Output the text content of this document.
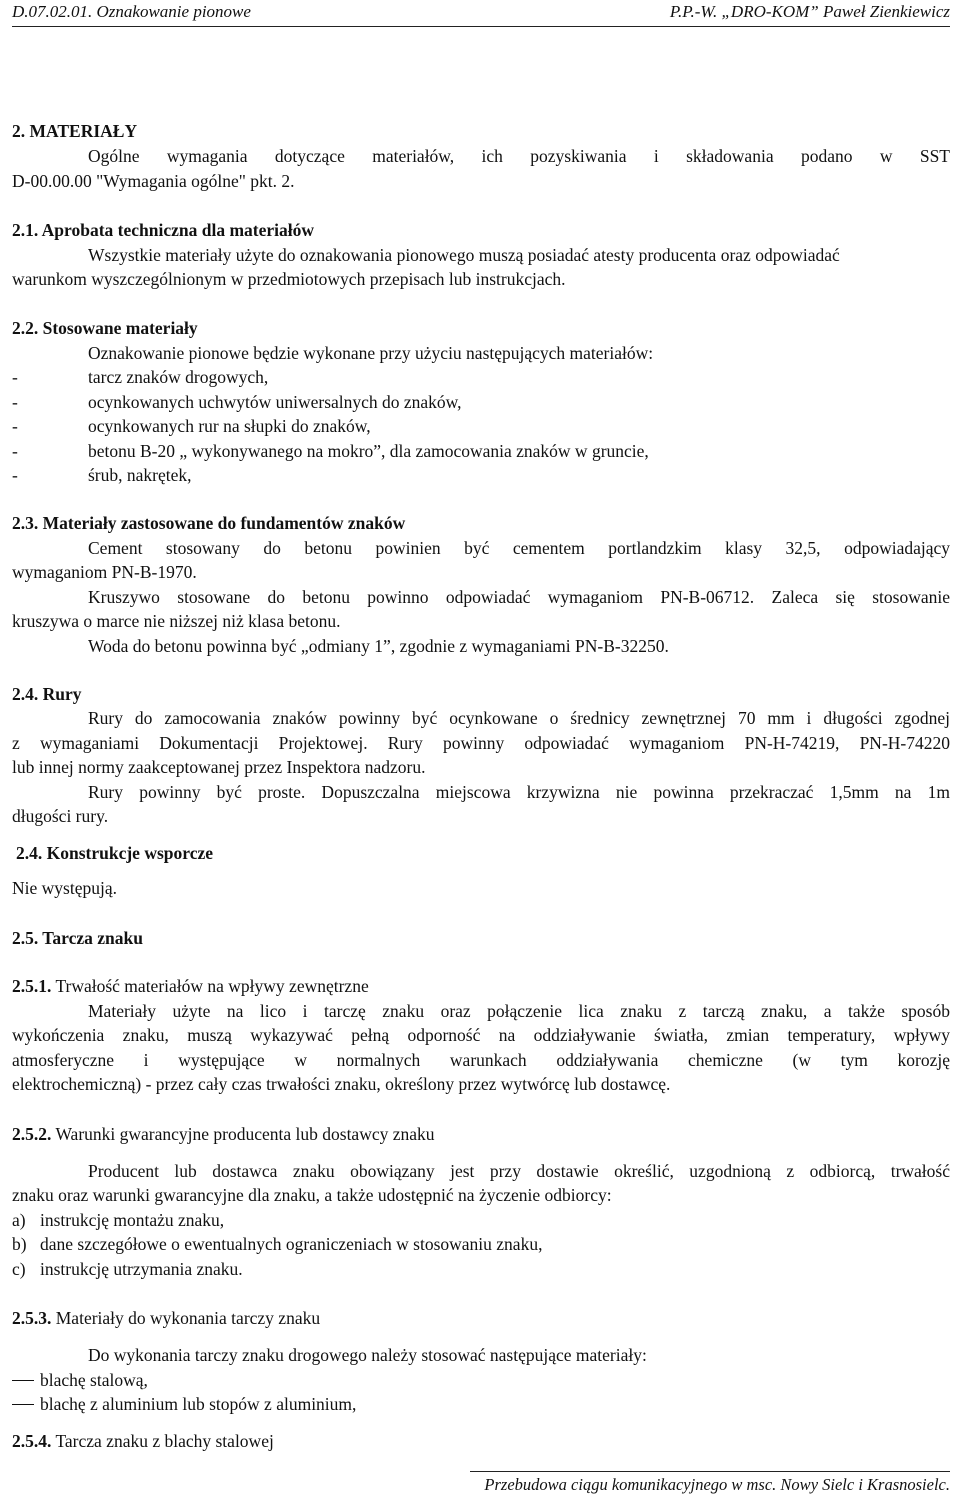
D.07.02.01. Oznakowanie pionowe	P.P.-W. „DRO-KOM” Paweł Zienkiewicz
2. MATERIAŁY
Ogólne wymagania dotyczące materiałów, ich pozyskiwania i składowania podano w SST
D-00.00.00 "Wymagania ogólne" pkt. 2.
2.1. Aprobata techniczna dla materiałów
Wszystkie materiały użyte do oznakowania pionowego muszą posiadać atesty producenta oraz odpowiadać
warunkom wyszczególnionym w przedmiotowych przepisach lub instrukcjach.
2.2. Stosowane materiały
Oznakowanie pionowe będzie wykonane przy użyciu następujących materiałów:
-	tarcz znaków drogowych,
-	ocynkowanych uchwytów uniwersalnych do znaków,
-	ocynkowanych rur na słupki do znaków,
-	betonu B-20 „ wykonywanego na mokro”, dla zamocowania znaków w gruncie,
-	śrub, nakrętek,
2.3. Materiały zastosowane do fundamentów znaków
Cement stosowany do betonu powinien być cementem portlandzkim klasy 32,5, odpowiadający
wymaganiom PN-B-1970.
Kruszywo stosowane do betonu powinno odpowiadać wymaganiom PN-B-06712. Zaleca się stosowanie
kruszywa o marce nie niższej niż klasa betonu.
Woda do betonu powinna być „odmiany 1”, zgodnie z wymaganiami PN-B-32250.
2.4. Rury
Rury do zamocowania znaków powinny być ocynkowane o średnicy zewnętrznej 70 mm i długości zgodnej
z wymaganiami Dokumentacji Projektowej. Rury powinny odpowiadać wymaganiom PN-H-74219, PN-H-74220
lub innej normy zaakceptowanej przez Inspektora nadzoru.
Rury powinny być proste. Dopuszczalna miejscowa krzywizna nie powinna przekraczać 1,5mm na 1m
długości rury.
2.4. Konstrukcje wsporcze
Nie występują.
2.5. Tarcza znaku
2.5.1. Trwałość materiałów na wpływy zewnętrzne
Materiały użyte na lico i tarczę znaku oraz połączenie lica znaku z tarczą znaku, a także sposób
wykończenia znaku, muszą wykazywać pełną odporność na oddziaływanie światła, zmian temperatury, wpływy
atmosferyczne i występujące w normalnych warunkach oddziaływania chemiczne (w tym korozję
elektrochemiczną) - przez cały czas trwałości znaku, określony przez wytwórcę lub dostawcę.
2.5.2. Warunki gwarancyjne producenta lub dostawcy znaku
Producent lub dostawca znaku obowiązany jest przy dostawie określić, uzgodnioną z odbiorcą, trwałość
znaku oraz warunki gwarancyjne dla znaku, a także udostępnić na życzenie odbiorcy:
a) instrukcję montażu znaku,
b) dane szczegółowe o ewentualnych ograniczeniach w stosowaniu znaku,
c) instrukcję utrzymania znaku.
2.5.3. Materiały do wykonania tarczy znaku
Do wykonania tarczy znaku drogowego należy stosować następujące materiały:
blachę stalową,
blachę z aluminium lub stopów z aluminium,
2.5.4. Tarcza znaku z blachy stalowej
Przebudowa ciągu komunikacyjnego w msc. Nowy Sielc i Krasnosielc.
